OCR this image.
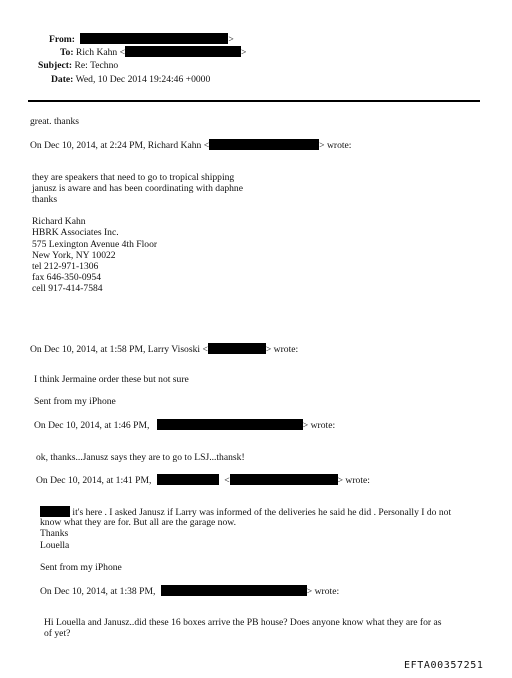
From:	>
To: Rich Kahn <	>
Subject: Re: Techno
Date: Wed, 10 Dec 2014 19:24:46 +0000
great. thanks
On Dec 10, 2014, at 2:24 PM, Richard Kahn <	> wrote:
they are speakers that need to go to tropical shipping
janusz is aware and has been coordinating with daphne
thanks
Richard Kahn
HBRK Associates Inc.
575 Lexington Avenue 4th Floor
New York, NY 10022
tel 212-971-1306
fax 646-350-0954
cell 917-414-7584
On Dec 10, 2014, at 1:58 PM, Larry Visoski <	> wrote:
I think Jermaine order these but not sure
Sent from my iPhone
On Dec 10, 2014, at 1:46 PM,	> wrote:
ok, thanks...Janusz says they are to go to LSJ...thansk!
On Dec 10, 2014, at 1:41 PM,	<	> wrote:
it's here . I asked Janusz if Larry was informed of the deliveries he said he did . Personally I do not
know what they are for. But all are the garage now.
Thanks
Louella
Sent from my iPhone
On Dec 10, 2014, at 1:38 PM,	> wrote:
Hi Louella and Janusz..did these 16 boxes arrive the PB house? Does anyone know what they are for as
of yet?
EFTA00357251
